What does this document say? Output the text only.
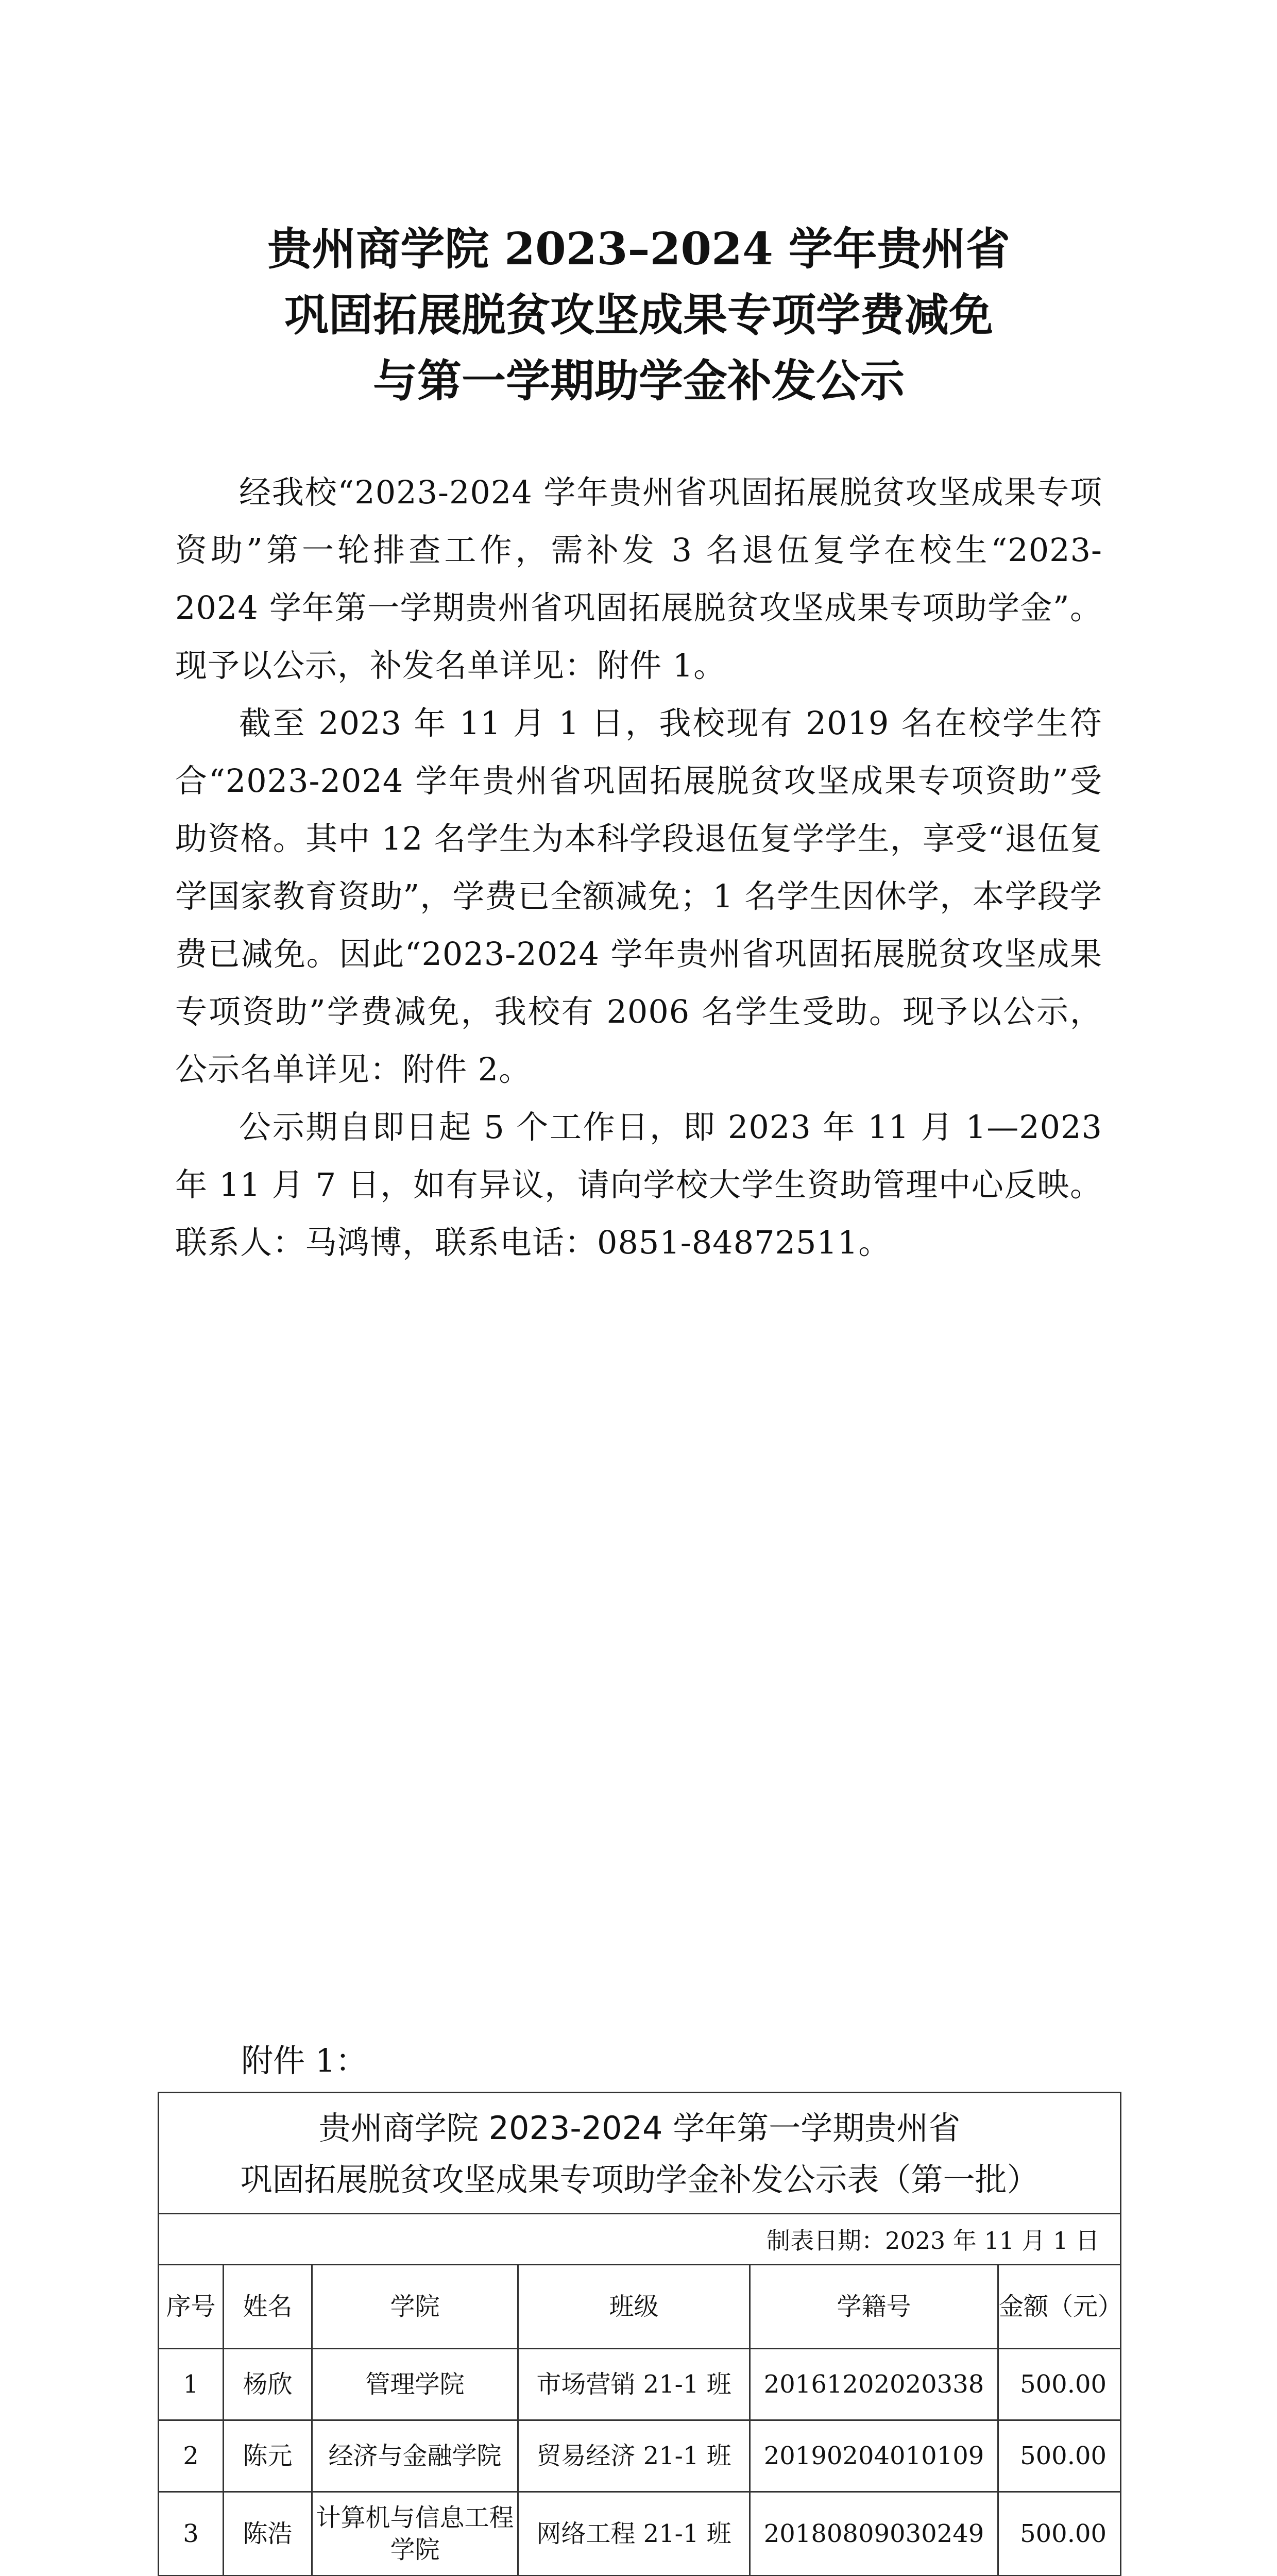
贵州商学院 2023–2024 学年贵州省
巩固拓展脱贫攻坚成果专项学费减免
与第一学期助学金补发公示

经我校“2023-2024 学年贵州省巩固拓展脱贫攻坚成果专项资助”第一轮排查工作，需补发 3 名退伍复学在校生“2023-2024 学年第一学期贵州省巩固拓展脱贫攻坚成果专项助学金”。现予以公示，补发名单详见：附件 1。

截至 2023 年 11 月 1 日，我校现有 2019 名在校学生符合“2023-2024 学年贵州省巩固拓展脱贫攻坚成果专项资助”受助资格。其中 12 名学生为本科学段退伍复学学生，享受“退伍复学国家教育资助”，学费已全额减免；1 名学生因休学，本学段学费已减免。因此“2023-2024 学年贵州省巩固拓展脱贫攻坚成果专项资助”学费减免，我校有 2006 名学生受助。现予以公示，公示名单详见：附件 2。

公示期自即日起 5 个工作日，即 2023 年 11 月 1—2023 年 11 月 7 日，如有异议，请向学校大学生资助管理中心反映。联系人：马鸿博，联系电话：0851-84872511。

附件 1：
贵州商学院 2023-2024 学年第一学期贵州省
巩固拓展脱贫攻坚成果专项助学金补发公示表（第一批）					

制表日期：2023 年 11 月 1 日					
序号	姓名	学院	班级	学籍号	金额（元）
1	杨欣	管理学院	市场营销 21-1 班	20161202020338	500.00
2	陈元	经济与金融学院	贸易经济 21-1 班	20190204010109	500.00
3	陈浩	计算机与信息工程学院	网络工程 21-1 班	20180809030249	500.00
